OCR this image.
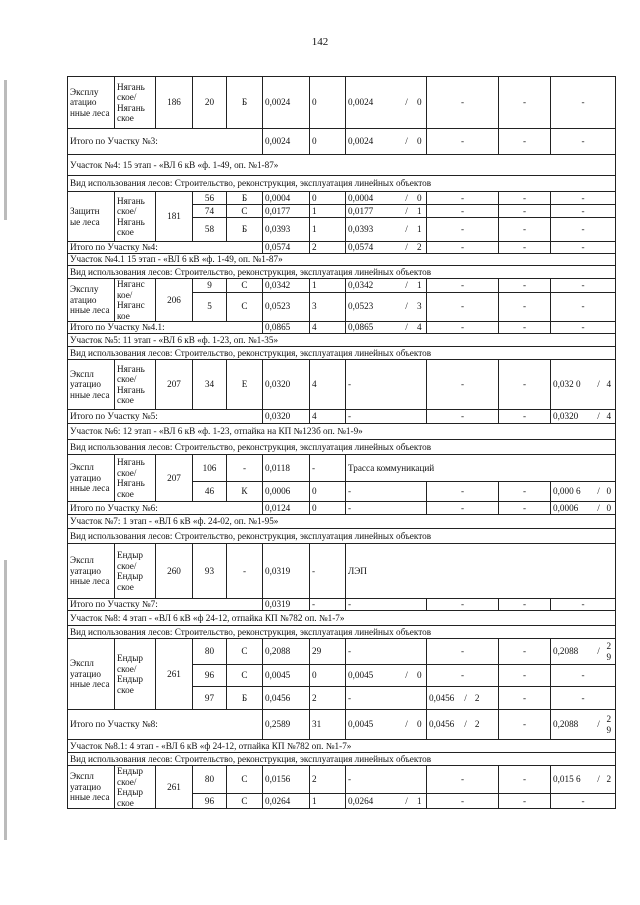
142
Эксплу атацио нные леса	Нягань ское/ Нягань ское	186	20	Б	0,0024	0	0,0024	/	0	-	-	-		
Итого по Участку №3:					0,0024	0	0,0024	/	0	-	-	-		
Участок №4: 15 этап - «ВЛ 6 кВ «ф. 1-49, оп. №1-87»														
Вид использования лесов: Строительство, реконструкция, эксплуатация линейных объектов														
Защитн ые леса	Нягань ское/ Нягань ское	181	56	Б	0,0004	0	0,0004	/	0	-	-	-		
			74	С	0,0177	1	0,0177	/	1	-	-	-		
			58	Б	0,0393	1	0,0393	/	1	-	-	-		
Итого по Участку №4:					0,0574	2	0,0574	/	2	-	-	-		
Участок №4.1 15 этап - «ВЛ 6 кВ «ф. 1-49, оп. №1-87»														
Вид использования лесов: Строительство, реконструкция, эксплуатация линейных объектов														
Эксплу атацио нные леса	Няганс кое/ Няганс кое	206	9	С	0,0342	1	0,0342	/	1	-	-	-		
			5	С	0,0523	3	0,0523	/	3	-	-	-		
Итого по Участку №4.1:					0,0865	4	0,0865	/	4	-	-	-		
Участок №5: 11 этап - «ВЛ 6 кВ «ф. 1-23, оп. №1-35»														
Вид использования лесов: Строительство, реконструкция, эксплуатация линейных объектов														
Экспл уатацио нные леса	Нягань ское/ Нягань ское	207	34	Е	0,0320	4	-			-	-	0,032 0	/	4
Итого по Участку №5:					0,0320	4	-			-	-	0,0320	/	4
Участок №6: 12 этап - «ВЛ 6 кВ «ф. 1-23, отпайка на КП №123б оп. №1-9»														
Вид использования лесов: Строительство, реконструкция, эксплуатация линейных объектов														
Экспл уатацио нные леса	Нягань ское/ Нягань ское	207	106	-	0,0118	-	Трасса коммуникаций							
			46	К	0,0006	0	-			-	-	0,000 6	/	0
Итого по Участку №6:					0,0124	0	-			-	-	0,0006	/	0
Участок №7: 1 этап - «ВЛ 6 кВ «ф. 24-02, оп. №1-95»														
Вид использования лесов: Строительство, реконструкция, эксплуатация линейных объектов														
Экспл уатацио нные леса	Ендыр ское/ Ендыр ское	260	93	-	0,0319	-	ЛЭП							
Итого по Участку №7:					0,0319	-	-			-	-	-		
Участок №8: 4 этап - «ВЛ 6 кВ «ф 24-12, отпайка КП №782 оп. №1-7»														
Вид использования лесов: Строительство, реконструкция, эксплуатация линейных объектов														
Экспл уатацио нные леса	Ендыр ское/ Ендыр ское	261	80	С	0,2088	29	-			-	-	0,2088	/	2 9
			96	С	0,0045	0	0,0045	/	0	-	-	-		
			97	Б	0,0456	2	-			0,0456 / 2	-	-		
Итого по Участку №8:					0,2589	31	0,0045	/	0	0,0456 / 2	-	0,2088	/	2 9
Участок №8.1: 4 этап - «ВЛ 6 кВ «ф 24-12, отпайка КП №782 оп. №1-7»														
Вид использования лесов: Строительство, реконструкция, эксплуатация линейных объектов														
Экспл уатацио нные леса	Ендыр ское/ Ендыр ское	261	80	С	0,0156	2	-			-	-	0,015 6	/	2
			96	С	0,0264	1	0,0264	/	1	-	-	-		
